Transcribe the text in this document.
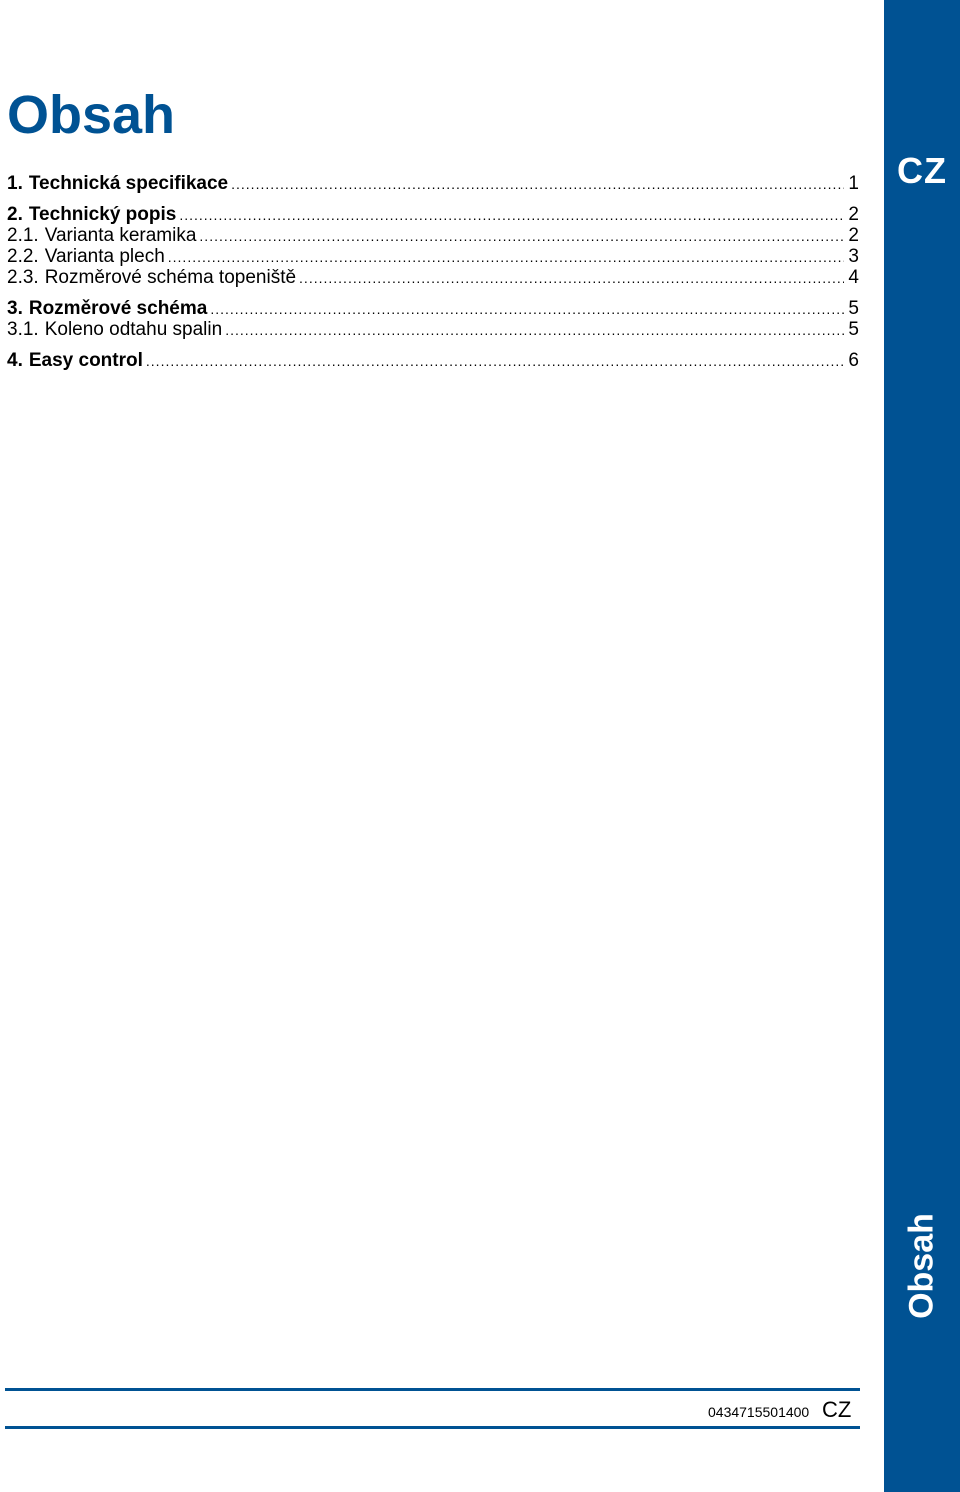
CZ
Obsah
Obsah
1. Technická specifikace .....	1
2. Technický popis .....	2
2.1. Varianta keramika .....	2
2.2. Varianta plech .....	3
2.3. Rozměrové schéma topeniště .....	4
3. Rozměrové schéma .....	5
3.1. Koleno odtahu spalin .....	5
4. Easy control .....	6
0434715501400 CZ
